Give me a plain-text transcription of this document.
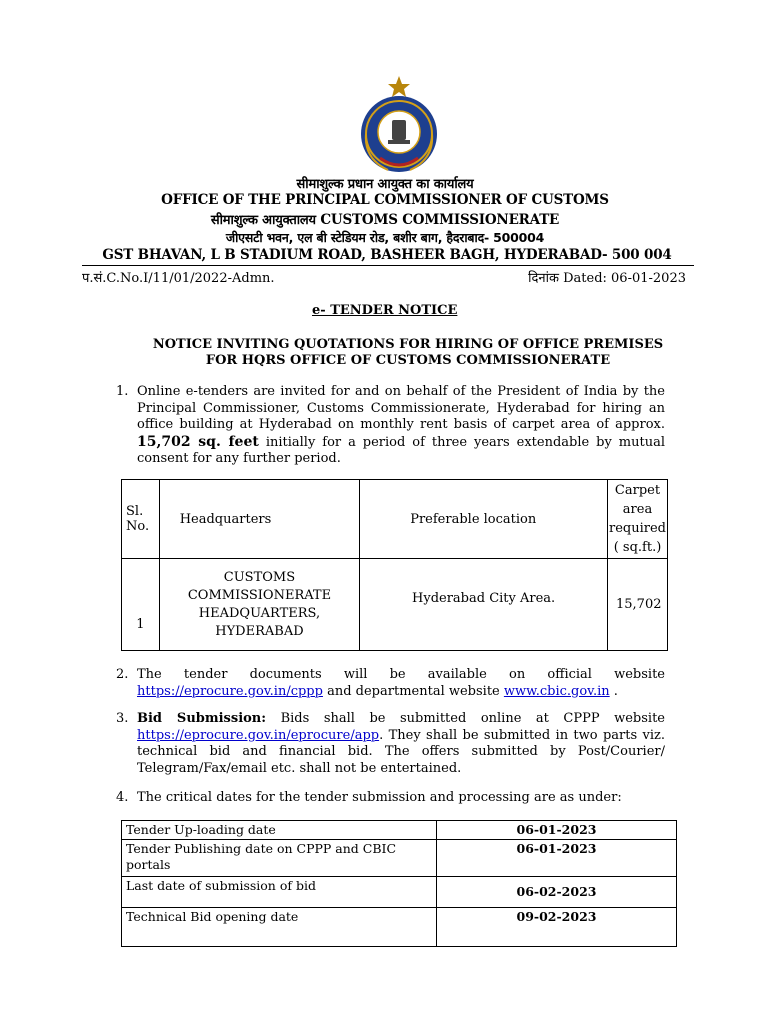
सीमाशुल्क प्रधान आयुक्त का कार्यालय
OFFICE OF THE PRINCIPAL COMMISSIONER OF CUSTOMS
सीमाशुल्क आयुक्तालय CUSTOMS COMMISSIONERATE
जीएसटी भवन, एल बी स्टेडियम रोड, बशीर बाग, हैदराबाद- 500004
GST BHAVAN, L B STADIUM ROAD, BASHEER BAGH, HYDERABAD- 500 004
प.सं.C.No.I/11/01/2022-Admn.	दिनांक Dated: 06-01-2023
e- TENDER NOTICE
NOTICE INVITING QUOTATIONS FOR HIRING OF OFFICE PREMISES
FOR HQRS OFFICE OF CUSTOMS COMMISSIONERATE
1. Online e-tenders are invited for and on behalf of the President of India by the Principal Commissioner, Customs Commissionerate, Hyderabad for hiring an office building at Hyderabad on monthly rent basis of carpet area of approx. 15,702 sq. feet initially for a period of three years extendable by mutual consent for any further period.
Sl. No.	Headquarters	Preferable location	Carpet area required ( sq.ft.)
1	CUSTOMS COMMISSIONERATE HEADQUARTERS, HYDERABAD	Hyderabad City Area.	15,702
2. The tender documents will be available on official website
https://eprocure.gov.in/cppp and departmental website www.cbic.gov.in .
3. Bid Submission: Bids shall be submitted online at CPPP website https://eprocure.gov.in/eprocure/app. They shall be submitted in two parts viz. technical bid and financial bid. The offers submitted by Post/Courier/ Telegram/Fax/email etc. shall not be entertained.
4. The critical dates for the tender submission and processing are as under:
Tender Up-loading date	06-01-2023
Tender Publishing date on CPPP and CBIC portals	06-01-2023
Last date of submission of bid	06-02-2023
Technical Bid opening date	09-02-2023
